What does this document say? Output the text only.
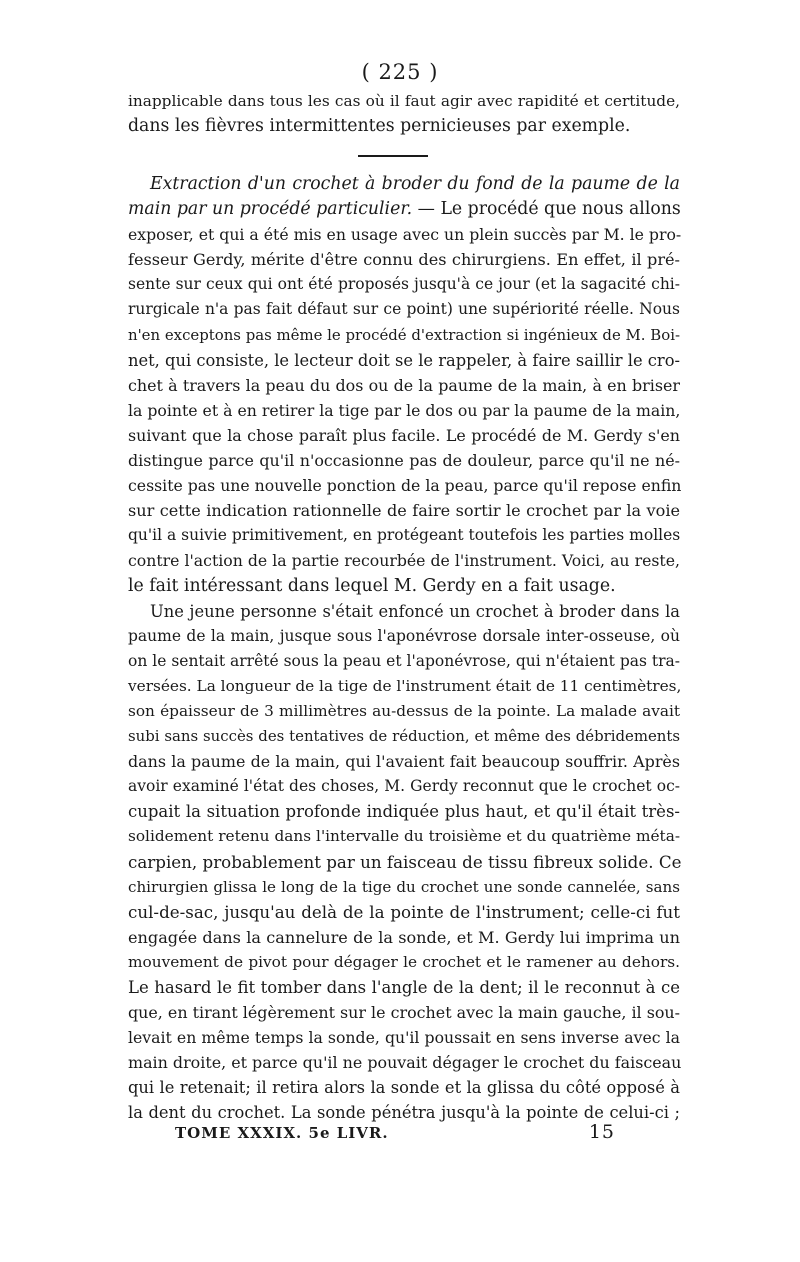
( 225 )
inapplicable dans tous les cas où il faut agir avec rapidité et certitude,
dans les fièvres intermittentes pernicieuses par exemple.
Extraction d'un crochet à broder du fond de la paume de la
main par un procédé particulier. — Le procédé que nous allons
exposer, et qui a été mis en usage avec un plein succès par M. le pro-
fesseur Gerdy, mérite d'être connu des chirurgiens. En effet, il pré-
sente sur ceux qui ont été proposés jusqu'à ce jour (et la sagacité chi-
rurgicale n'a pas fait défaut sur ce point) une supériorité réelle. Nous
n'en exceptons pas même le procédé d'extraction si ingénieux de M. Boi-
net, qui consiste, le lecteur doit se le rappeler, à faire saillir le cro-
chet à travers la peau du dos ou de la paume de la main, à en briser
la pointe et à en retirer la tige par le dos ou par la paume de la main,
suivant que la chose paraît plus facile. Le procédé de M. Gerdy s'en
distingue parce qu'il n'occasionne pas de douleur, parce qu'il ne né-
cessite pas une nouvelle ponction de la peau, parce qu'il repose enfin
sur cette indication rationnelle de faire sortir le crochet par la voie
qu'il a suivie primitivement, en protégeant toutefois les parties molles
contre l'action de la partie recourbée de l'instrument. Voici, au reste,
le fait intéressant dans lequel M. Gerdy en a fait usage.
Une jeune personne s'était enfoncé un crochet à broder dans la
paume de la main, jusque sous l'aponévrose dorsale inter-osseuse, où
on le sentait arrêté sous la peau et l'aponévrose, qui n'étaient pas tra-
versées. La longueur de la tige de l'instrument était de 11 centimètres,
son épaisseur de 3 millimètres au-dessus de la pointe. La malade avait
subi sans succès des tentatives de réduction, et même des débridements
dans la paume de la main, qui l'avaient fait beaucoup souffrir. Après
avoir examiné l'état des choses, M. Gerdy reconnut que le crochet oc-
cupait la situation profonde indiquée plus haut, et qu'il était très-
solidement retenu dans l'intervalle du troisième et du quatrième méta-
carpien, probablement par un faisceau de tissu fibreux solide. Ce
chirurgien glissa le long de la tige du crochet une sonde cannelée, sans
cul-de-sac, jusqu'au delà de la pointe de l'instrument; celle-ci fut
engagée dans la cannelure de la sonde, et M. Gerdy lui imprima un
mouvement de pivot pour dégager le crochet et le ramener au dehors.
Le hasard le fit tomber dans l'angle de la dent; il le reconnut à ce
que, en tirant légèrement sur le crochet avec la main gauche, il sou-
levait en même temps la sonde, qu'il poussait en sens inverse avec la
main droite, et parce qu'il ne pouvait dégager le crochet du faisceau
qui le retenait; il retira alors la sonde et la glissa du côté opposé à
la dent du crochet. La sonde pénétra jusqu'à la pointe de celui-ci ;
TOME XXXIX. 5e LIVR.	15
